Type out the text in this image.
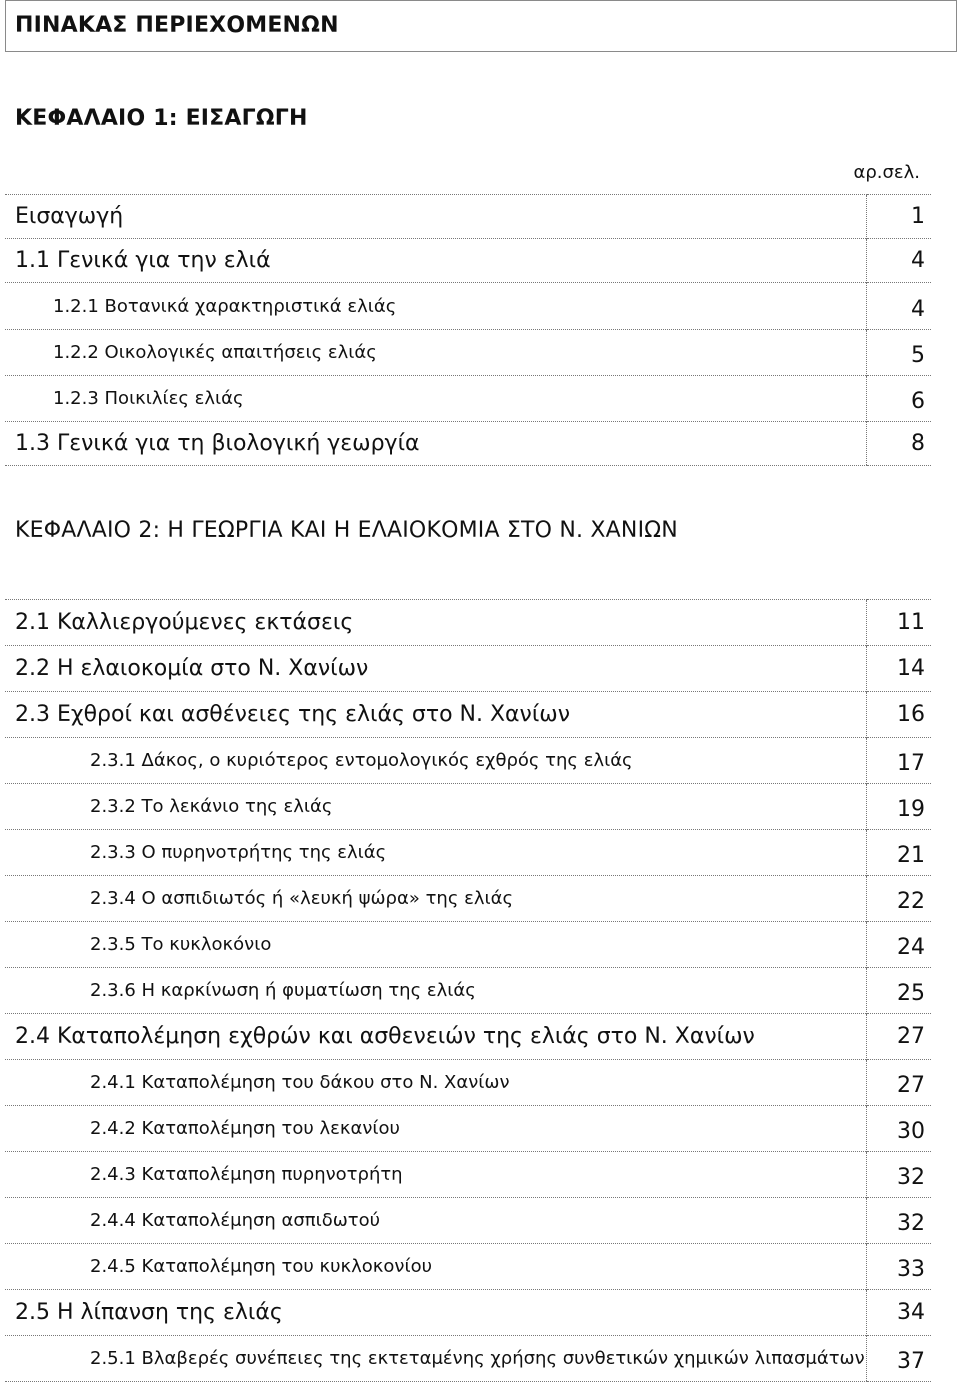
ΠΙΝΑΚΑΣ ΠΕΡΙΕΧΟΜΕΝΩΝ
ΚΕΦΑΛΑΙΟ 1: ΕΙΣΑΓΩΓΗ
αρ.σελ.
Εισαγωγή	1
1.1 Γενικά για την ελιά	4
1.2.1 Βοτανικά χαρακτηριστικά ελιάς	4
1.2.2 Οικολογικές απαιτήσεις ελιάς	5
1.2.3 Ποικιλίες ελιάς	6
1.3 Γενικά για τη βιολογική γεωργία	8
ΚΕΦΑΛΑΙΟ 2: Η ΓΕΩΡΓΙΑ ΚΑΙ Η ΕΛΑΙΟΚΟΜΙΑ ΣΤΟ Ν. ΧΑΝΙΩΝ
2.1 Καλλιεργούμενες εκτάσεις	11
2.2 Η ελαιοκομία στο Ν. Χανίων	14
2.3 Εχθροί και ασθένειες της ελιάς στο Ν. Χανίων	16
2.3.1 Δάκος, ο κυριότερος εντομολογικός εχθρός της ελιάς	17
2.3.2 Το λεκάνιο της ελιάς	19
2.3.3 Ο πυρηνοτρήτης της ελιάς	21
2.3.4 Ο ασπιδιωτός ή «λευκή ψώρα» της ελιάς	22
2.3.5 Το κυκλοκόνιο	24
2.3.6 Η καρκίνωση ή φυματίωση της ελιάς	25
2.4 Καταπολέμηση εχθρών και ασθενειών της ελιάς στο Ν. Χανίων	27
2.4.1 Καταπολέμηση του δάκου στο Ν. Χανίων	27
2.4.2 Καταπολέμηση του λεκανίου	30
2.4.3 Καταπολέμηση πυρηνοτρήτη	32
2.4.4 Καταπολέμηση ασπιδωτού	32
2.4.5 Καταπολέμηση του κυκλοκονίου	33
2.5 Η λίπανση της ελιάς	34
2.5.1 Βλαβερές συνέπειες της εκτεταμένης χρήσης συνθετικών χημικών λιπασμάτων	37
